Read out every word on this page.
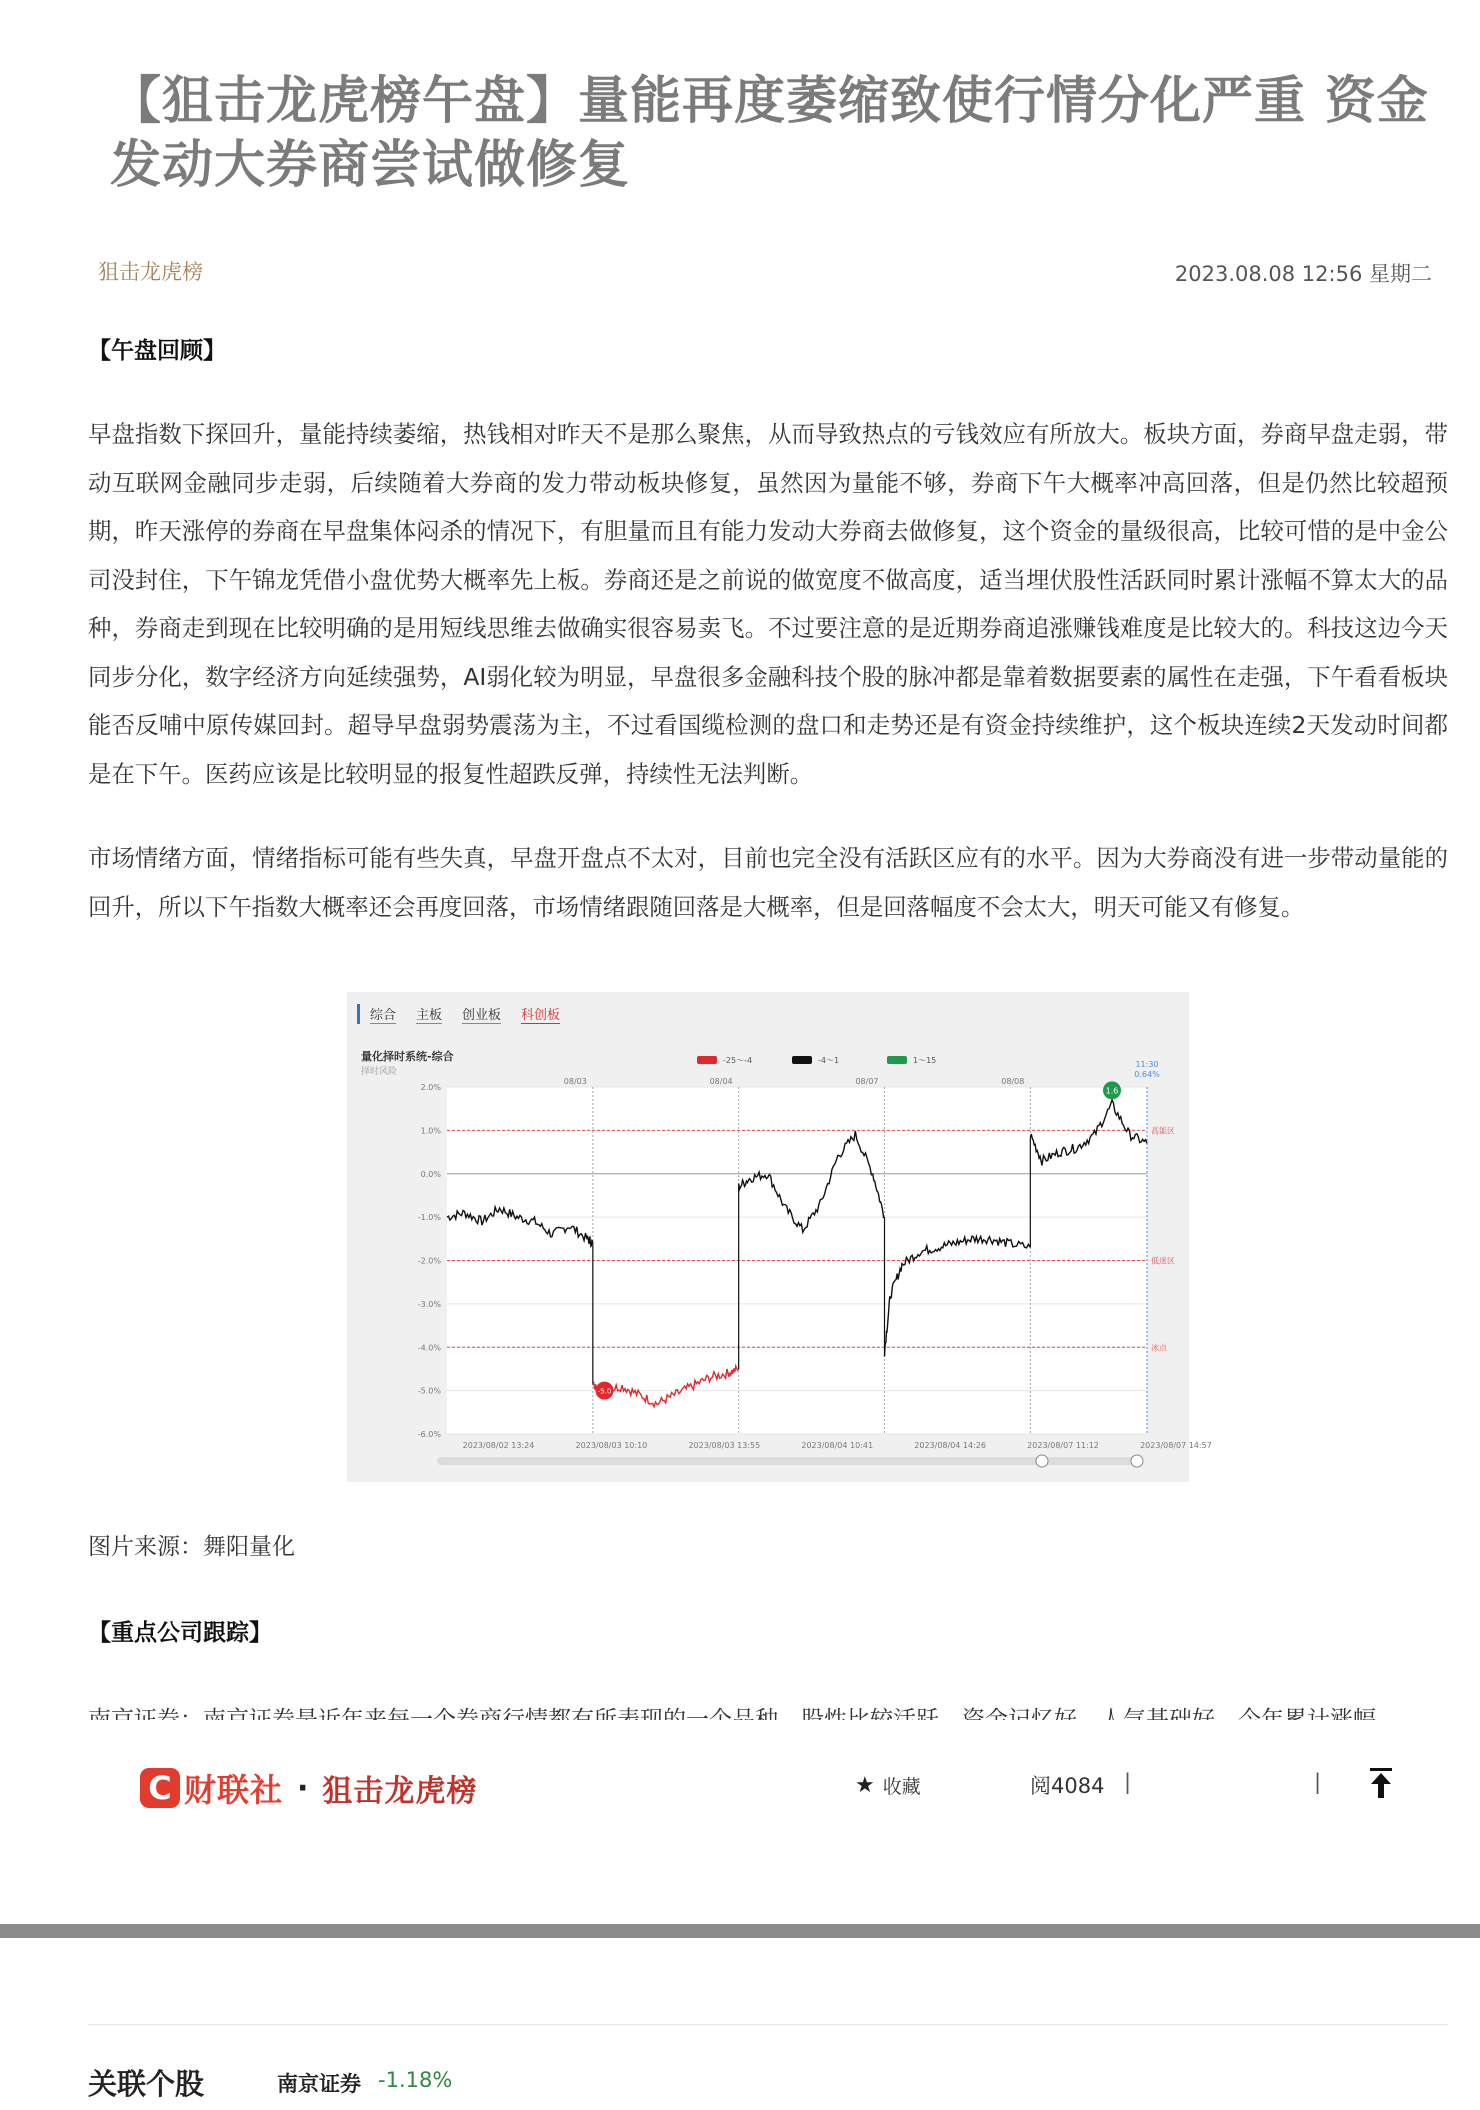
【狙击龙虎榜午盘】量能再度萎缩致使行情分化严重 资金发动大券商尝试做修复
狙击龙虎榜	2023.08.08 12:56 星期二
【午盘回顾】
早盘指数下探回升，量能持续萎缩，热钱相对昨天不是那么聚焦，从而导致热点的亏钱效应有所放大。板块方面，券商早盘走弱，带动互联网金融同步走弱，后续随着大券商的发力带动板块修复，虽然因为量能不够，券商下午大概率冲高回落，但是仍然比较超预期，昨天涨停的券商在早盘集体闷杀的情况下，有胆量而且有能力发动大券商去做修复，这个资金的量级很高，比较可惜的是中金公司没封住，下午锦龙凭借小盘优势大概率先上板。券商还是之前说的做宽度不做高度，适当埋伏股性活跃同时累计涨幅不算太大的品种，券商走到现在比较明确的是用短线思维去做确实很容易卖飞。不过要注意的是近期券商追涨赚钱难度是比较大的。科技这边今天同步分化，数字经济方向延续强势，AI弱化较为明显，早盘很多金融科技个股的脉冲都是靠着数据要素的属性在走强，下午看看板块能否反哺中原传媒回封。超导早盘弱势震荡为主，不过看国缆检测的盘口和走势还是有资金持续维护，这个板块连续2天发动时间都是在下午。医药应该是比较明显的报复性超跌反弹，持续性无法判断。
市场情绪方面，情绪指标可能有些失真，早盘开盘点不太对，目前也完全没有活跃区应有的水平。因为大券商没有进一步带动量能的回升，所以下午指数大概率还会再度回落，市场情绪跟随回落是大概率，但是回落幅度不会太大，明天可能又有修复。
综合 主板 创业板 科创板
量化择时系统-综合
择时风险
2.0%
1.0%
0.0%
-1.0%
-2.0%
-3.0%
-4.0%
-5.0%
-6.0%
高能区
低迷区
冰点
08/03	08/04	08/07	08/08
11:30
0.64%
2023/08/02 13:24	2023/08/03 10:10	2023/08/03 13:55	2023/08/04 10:41	2023/08/04 14:26	2023/08/07 11:12	2023/08/07 14:57
1.6
-5.0
-25～-4	-4～1	1～15
图片来源：舞阳量化
【重点公司跟踪】
C 财联社 · 狙击龙虎榜	★ 收藏	阅4084 |	|
关联个股	南京证券 -1.18%
